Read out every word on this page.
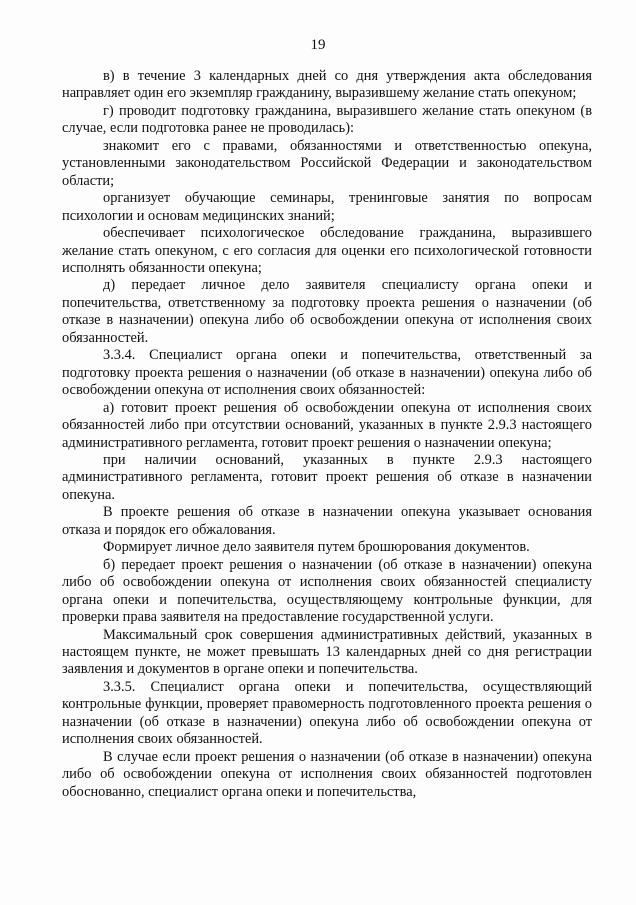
19

в) в течение 3 календарных дней со дня утверждения акта обследования направляет один его экземпляр гражданину, выразившему желание стать опекуном;

г) проводит подготовку гражданина, выразившего желание стать опекуном (в случае, если подготовка ранее не проводилась):

знакомит его с правами, обязанностями и ответственностью опекуна, установленными законодательством Российской Федерации и законодательством области;

организует обучающие семинары, тренинговые занятия по вопросам психологии и основам медицинских знаний;

обеспечивает психологическое обследование гражданина, выразившего желание стать опекуном, с его согласия для оценки его психологической готовности исполнять обязанности опекуна;

д) передает личное дело заявителя специалисту органа опеки и попечительства, ответственному за подготовку проекта решения о назначении (об отказе в назначении) опекуна либо об освобождении опекуна от исполнения своих обязанностей.

3.3.4. Специалист органа опеки и попечительства, ответственный за подготовку проекта решения о назначении (об отказе в назначении) опекуна либо об освобождении опекуна от исполнения своих обязанностей:

а) готовит проект решения об освобождении опекуна от исполнения своих обязанностей либо при отсутствии оснований, указанных в пункте 2.9.3 настоящего административного регламента, готовит проект решения о назначении опекуна;

при наличии оснований, указанных в пункте 2.9.3 настоящего административного регламента, готовит проект решения об отказе в назначении опекуна.

В проекте решения об отказе в назначении опекуна указывает основания отказа и порядок его обжалования.

Формирует личное дело заявителя путем брошюрования документов.

б) передает проект решения о назначении (об отказе в назначении) опекуна либо об освобождении опекуна от исполнения своих обязанностей специалисту органа опеки и попечительства, осуществляющему контрольные функции, для проверки права заявителя на предоставление государственной услуги.

Максимальный срок совершения административных действий, указанных в настоящем пункте, не может превышать 13 календарных дней со дня регистрации заявления и документов в органе опеки и попечительства.

3.3.5. Специалист органа опеки и попечительства, осуществляющий контрольные функции, проверяет правомерность подготовленного проекта решения о назначении (об отказе в назначении) опекуна либо об освобождении опекуна от исполнения своих обязанностей.

В случае если проект решения о назначении (об отказе в назначении) опекуна либо об освобождении опекуна от исполнения своих обязанностей подготовлен обоснованно, специалист органа опеки и попечительства,
